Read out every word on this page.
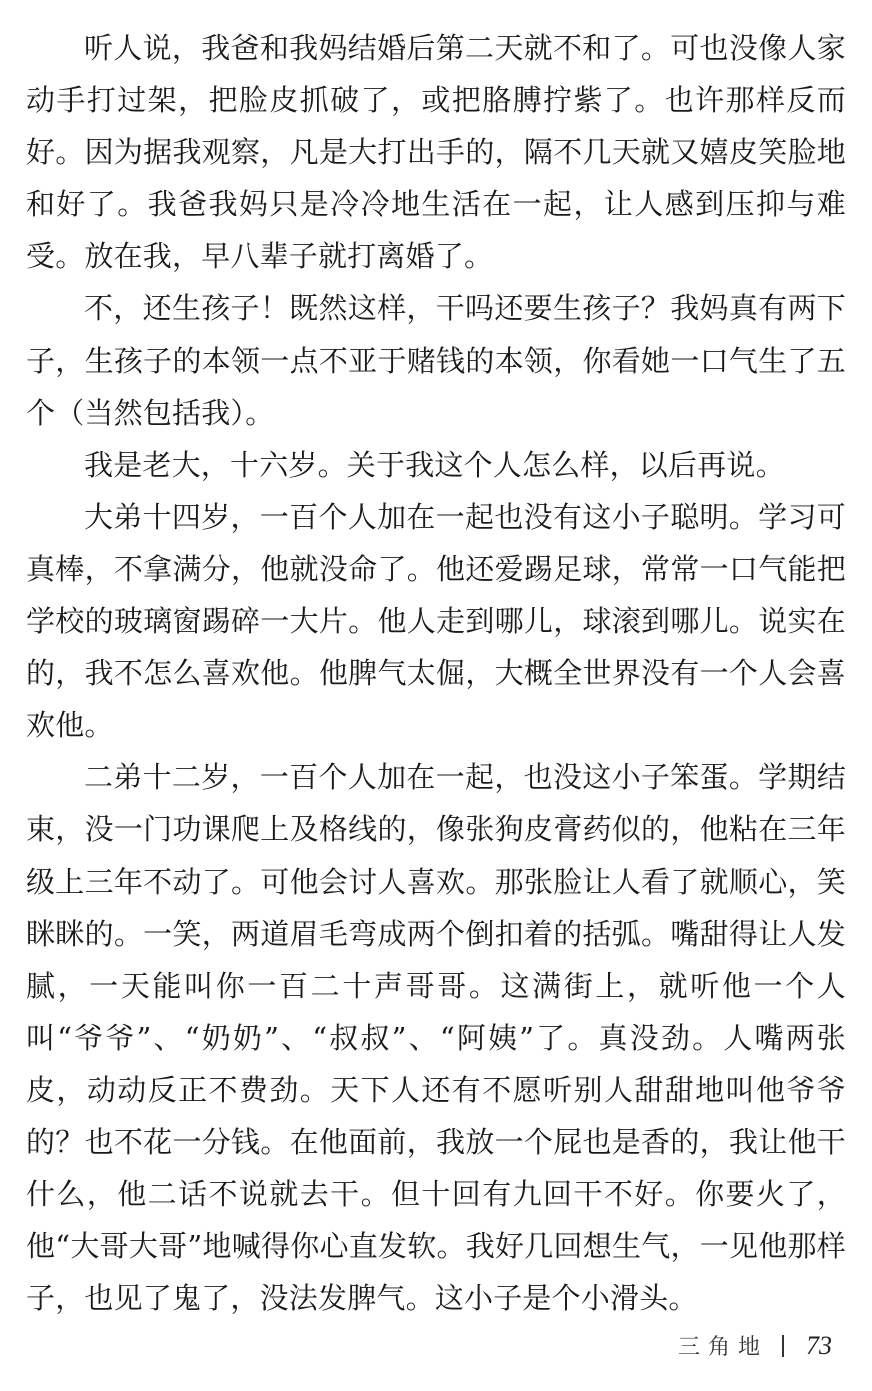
听人说，我爸和我妈结婚后第二天就不和了。可也没像人家动手打过架，把脸皮抓破了，或把胳膊拧紫了。也许那样反而好。因为据我观察，凡是大打出手的，隔不几天就又嬉皮笑脸地和好了。我爸我妈只是冷冷地生活在一起，让人感到压抑与难受。放在我，早八辈子就打离婚了。

不，还生孩子！既然这样，干吗还要生孩子？我妈真有两下子，生孩子的本领一点不亚于赌钱的本领，你看她一口气生了五个（当然包括我）。

我是老大，十六岁。关于我这个人怎么样，以后再说。

大弟十四岁，一百个人加在一起也没有这小子聪明。学习可真棒，不拿满分，他就没命了。他还爱踢足球，常常一口气能把学校的玻璃窗踢碎一大片。他人走到哪儿，球滚到哪儿。说实在的，我不怎么喜欢他。他脾气太倔，大概全世界没有一个人会喜欢他。

二弟十二岁，一百个人加在一起，也没这小子笨蛋。学期结束，没一门功课爬上及格线的，像张狗皮膏药似的，他粘在三年级上三年不动了。可他会讨人喜欢。那张脸让人看了就顺心，笑眯眯的。一笑，两道眉毛弯成两个倒扣着的括弧。嘴甜得让人发腻，一天能叫你一百二十声哥哥。这满街上，就听他一个人叫“爷爷”、“奶奶”、“叔叔”、“阿姨”了。真没劲。人嘴两张皮，动动反正不费劲。天下人还有不愿听别人甜甜地叫他爷爷的？也不花一分钱。在他面前，我放一个屁也是香的，我让他干什么，他二话不说就去干。但十回有九回干不好。你要火了，他“大哥大哥”地喊得你心直发软。我好几回想生气，一见他那样子，也见了鬼了，没法发脾气。这小子是个小滑头。

三角地 73
